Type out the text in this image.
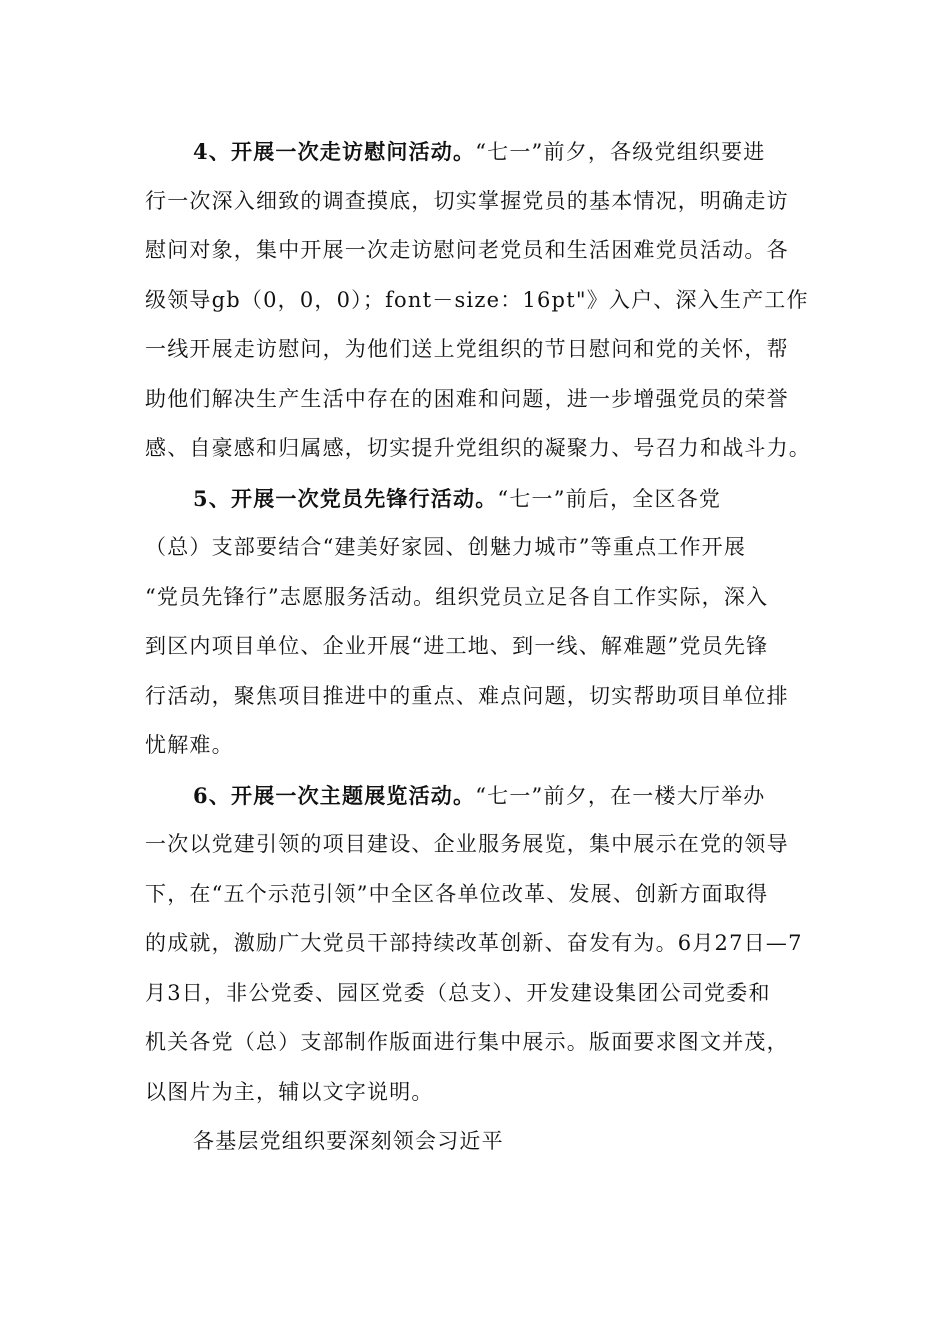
4、开展一次走访慰问活动。“七一”前夕，各级党组织要进
行一次深入细致的调查摸底，切实掌握党员的基本情况，明确走访
慰问对象，集中开展一次走访慰问老党员和生活困难党员活动。各
级领导gb（0，0，0）；font－size：16pt"》入户、深入生产工作
一线开展走访慰问，为他们送上党组织的节日慰问和党的关怀，帮
助他们解决生产生活中存在的困难和问题，进一步增强党员的荣誉
感、自豪感和归属感，切实提升党组织的凝聚力、号召力和战斗力。
5、开展一次党员先锋行活动。“七一”前后，全区各党
（总）支部要结合“建美好家园、创魅力城市”等重点工作开展
“党员先锋行”志愿服务活动。组织党员立足各自工作实际，深入
到区内项目单位、企业开展“进工地、到一线、解难题”党员先锋
行活动，聚焦项目推进中的重点、难点问题，切实帮助项目单位排
忧解难。
6、开展一次主题展览活动。“七一”前夕，在一楼大厅举办
一次以党建引领的项目建设、企业服务展览，集中展示在党的领导
下，在“五个示范引领”中全区各单位改革、发展、创新方面取得
的成就，激励广大党员干部持续改革创新、奋发有为。6月27日—7
月3日，非公党委、园区党委（总支）、开发建设集团公司党委和
机关各党（总）支部制作版面进行集中展示。版面要求图文并茂，
以图片为主，辅以文字说明。
各基层党组织要深刻领会习近平
